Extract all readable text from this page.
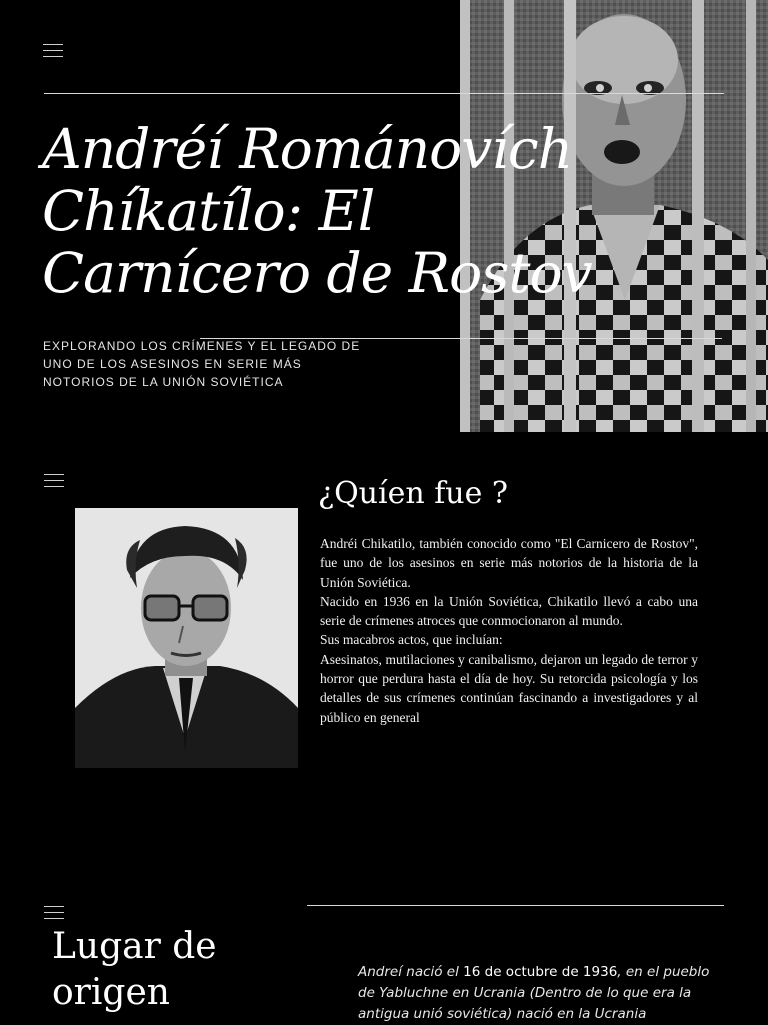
Andréí Románovích Chíkatílo: El Carnícero de Rostov

EXPLORANDO LOS CRÍMENES Y EL LEGADO DE UNO DE LOS ASESINOS EN SERIE MÁS NOTORIOS DE LA UNIÓN SOVIÉTICA

¿Quíen fue ?

Andréi Chikatilo, también conocido como "El Carnicero de Rostov", fue uno de los asesinos en serie más notorios de la historia de la Unión Soviética.

Nacido en 1936 en la Unión Soviética, Chikatilo llevó a cabo una serie de crímenes atroces que conmocionaron al mundo.

Sus macabros actos, que incluían:

Asesinatos, mutilaciones y canibalismo, dejaron un legado de terror y horror que perdura hasta el día de hoy. Su retorcida psicología y los detalles de sus crímenes continúan fascinando a investigadores y al público en general

Lugar de origen	Andreí nació el 16 de octubre de 1936, en el pueblo de Yabluchne en Ucrania (Dentro de lo que era la antigua unió soviética) nació en la Ucrania
